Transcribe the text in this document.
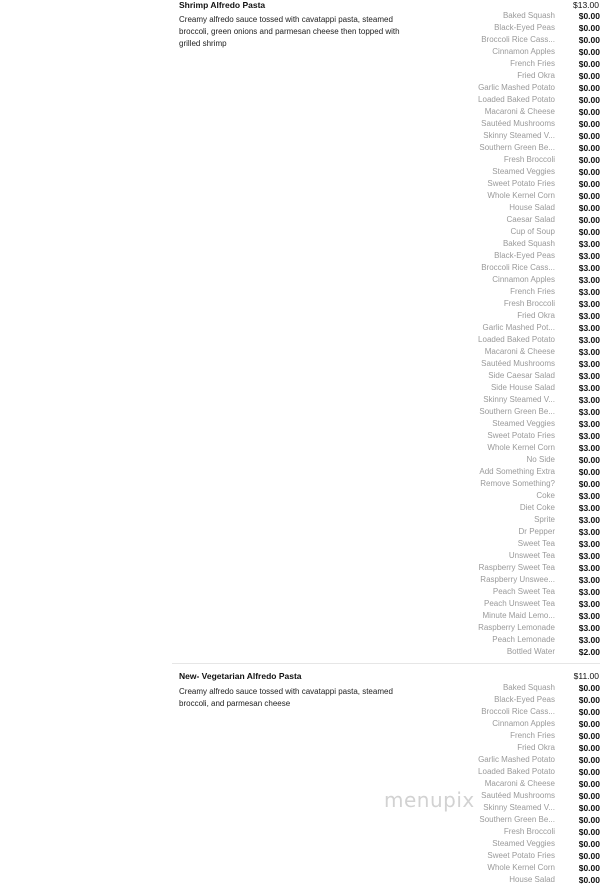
Shrimp Alfredo Pasta	$13.00
Creamy alfredo sauce tossed with cavatappi pasta, steamed broccoli, green onions and parmesan cheese then topped with grilled shrimp
Baked Squash	$0.00
Black-Eyed Peas	$0.00
Broccoli Rice Cass...	$0.00
Cinnamon Apples	$0.00
French Fries	$0.00
Fried Okra	$0.00
Garlic Mashed Potato	$0.00
Loaded Baked Potato	$0.00
Macaroni & Cheese	$0.00
Sautéed Mushrooms	$0.00
Skinny Steamed V...	$0.00
Southern Green Be...	$0.00
Fresh Broccoli	$0.00
Steamed Veggies	$0.00
Sweet Potato Fries	$0.00
Whole Kernel Corn	$0.00
House Salad	$0.00
Caesar Salad	$0.00
Cup of Soup	$0.00
Baked Squash	$3.00
Black-Eyed Peas	$3.00
Broccoli Rice Cass...	$3.00
Cinnamon Apples	$3.00
French Fries	$3.00
Fresh Broccoli	$3.00
Fried Okra	$3.00
Garlic Mashed Pot...	$3.00
Loaded Baked Potato	$3.00
Macaroni & Cheese	$3.00
Sautéed Mushrooms	$3.00
Side Caesar Salad	$3.00
Side House Salad	$3.00
Skinny Steamed V...	$3.00
Southern Green Be...	$3.00
Steamed Veggies	$3.00
Sweet Potato Fries	$3.00
Whole Kernel Corn	$3.00
No Side	$0.00
Add Something Extra	$0.00
Remove Something?	$0.00
Coke	$3.00
Diet Coke	$3.00
Sprite	$3.00
Dr Pepper	$3.00
Sweet Tea	$3.00
Unsweet Tea	$3.00
Raspberry Sweet Tea	$3.00
Raspberry Unswee...	$3.00
Peach Sweet Tea	$3.00
Peach Unsweet Tea	$3.00
Minute Maid Lemo...	$3.00
Raspberry Lemonade	$3.00
Peach Lemonade	$3.00
Bottled Water	$2.00
New- Vegetarian Alfredo Pasta	$11.00
Creamy alfredo sauce tossed with cavatappi pasta, steamed broccoli, and parmesan cheese
Baked Squash	$0.00
Black-Eyed Peas	$0.00
Broccoli Rice Cass...	$0.00
Cinnamon Apples	$0.00
French Fries	$0.00
Fried Okra	$0.00
Garlic Mashed Potato	$0.00
Loaded Baked Potato	$0.00
Macaroni & Cheese	$0.00
Sautéed Mushrooms	$0.00
Skinny Steamed V...	$0.00
Southern Green Be...	$0.00
Fresh Broccoli	$0.00
Steamed Veggies	$0.00
Sweet Potato Fries	$0.00
Whole Kernel Corn	$0.00
House Salad	$0.00
menupix
